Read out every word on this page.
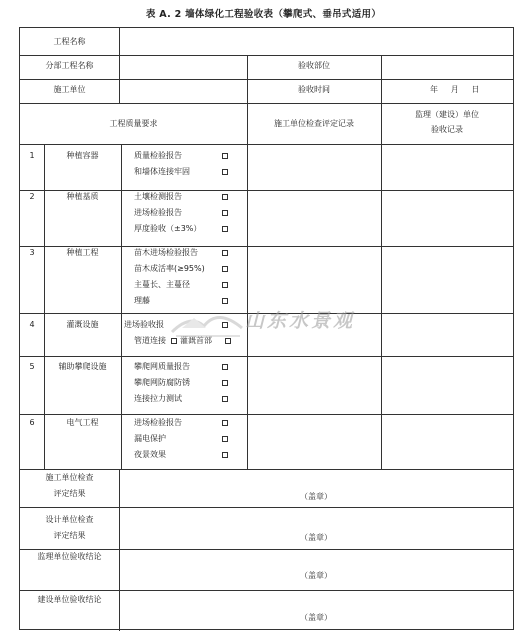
表 A. 2 墙体绿化工程验收表（攀爬式、垂吊式适用）
工程名称
分部工程名称	验收部位
施工单位	验收时间	年     月     日
工程质量要求	施工单位检查评定记录
监理（建设）单位
验收记录
1	种植容器	质量检验报告
和墙体连接牢固
2	种植基质	土壤检测报告
进场检验报告
厚度验收（±3%）
3	种植工程	苗木进场检验报告
苗木成活率(≥95%)
主蔓长、主蔓径
理藤
4	灌溉设施	进场验收报
管道连接 灌溉首部
5	辅助攀爬设施	攀爬网质量报告
攀爬网防腐防锈
连接拉力测试
6	电气工程	进场检验报告
漏电保护
夜景效果
施工单位检查
评定结果	（盖章）
设计单位检查
评定结果	（盖章）
监理单位验收结论
（盖章）
建设单位验收结论
（盖章）
山东水景观
